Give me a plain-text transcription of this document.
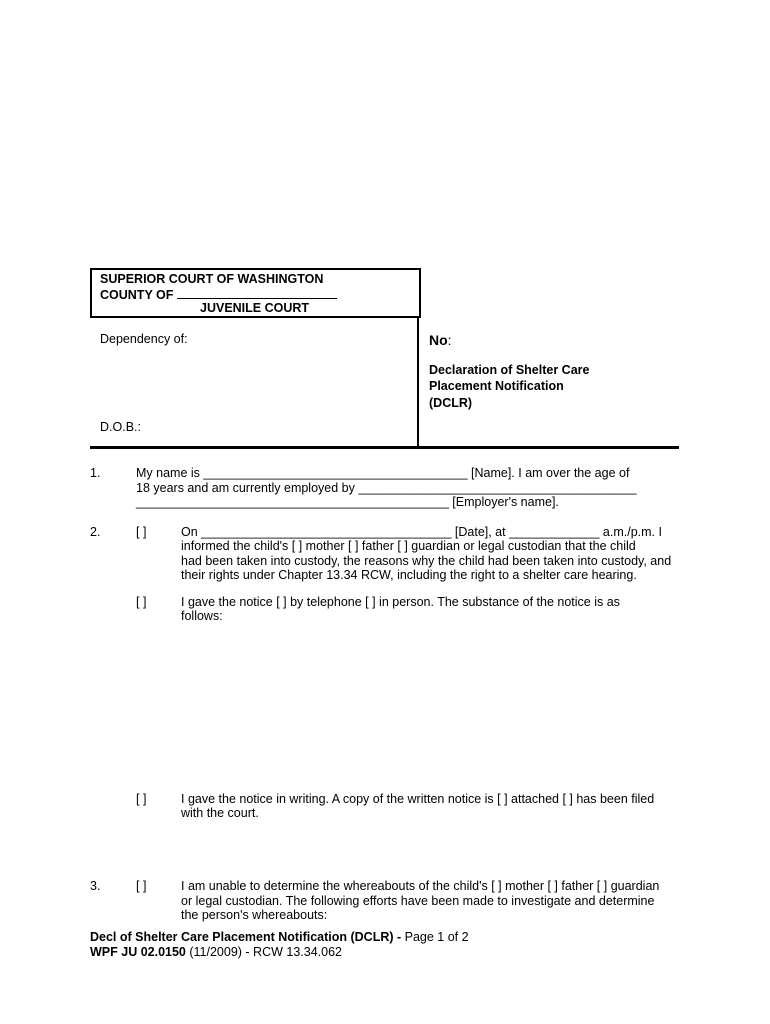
SUPERIOR COURT OF WASHINGTON
COUNTY OF
JUVENILE COURT
Dependency of:
D.O.B.:
No:
Declaration of Shelter Care
Placement Notification
(DCLR)
1.	My name is ______________________________________ [Name]. I am over the age of
18 years and am currently employed by ________________________________________
_____________________________________________ [Employer's name].
2.	[ ]	On ____________________________________ [Date], at _____________ a.m./p.m. I
informed the child's [ ] mother [ ] father [ ] guardian or legal custodian that the child
had been taken into custody, the reasons why the child had been taken into custody, and
their rights under Chapter 13.34 RCW, including the right to a shelter care hearing.
[ ]	I gave the notice [ ] by telephone [ ] in person. The substance of the notice is as
follows:
[ ]	I gave the notice in writing. A copy of the written notice is [ ] attached [ ] has been filed
with the court.
3.	[ ]	I am unable to determine the whereabouts of the child's [ ] mother [ ] father [ ] guardian
or legal custodian. The following efforts have been made to investigate and determine
the person's whereabouts:
Decl of Shelter Care Placement Notification (DCLR) - Page 1 of 2
WPF JU 02.0150 (11/2009) - RCW 13.34.062
